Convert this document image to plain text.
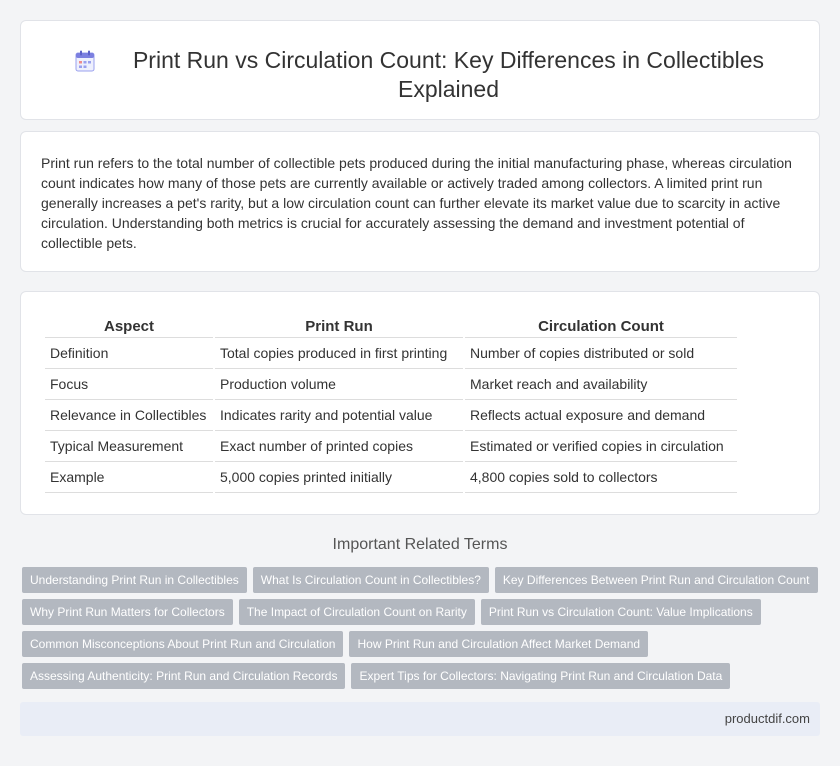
Print Run vs Circulation Count: Key Differences in Collectibles Explained

Print run refers to the total number of collectible pets produced during the initial manufacturing phase, whereas circulation count indicates how many of those pets are currently available or actively traded among collectors. A limited print run generally increases a pet's rarity, but a low circulation count can further elevate its market value due to scarcity in active circulation. Understanding both metrics is crucial for accurately assessing the demand and investment potential of collectible pets.

Aspect	Print Run	Circulation Count
Definition	Total copies produced in first printing	Number of copies distributed or sold
Focus	Production volume	Market reach and availability
Relevance in Collectibles	Indicates rarity and potential value	Reflects actual exposure and demand
Typical Measurement	Exact number of printed copies	Estimated or verified copies in circulation
Example	5,000 copies printed initially	4,800 copies sold to collectors
Important Related Terms
Understanding Print Run in Collectibles	What Is Circulation Count in Collectibles?	Key Differences Between Print Run and Circulation Count
Why Print Run Matters for Collectors	The Impact of Circulation Count on Rarity	Print Run vs Circulation Count: Value Implications
Common Misconceptions About Print Run and Circulation	How Print Run and Circulation Affect Market Demand
Assessing Authenticity: Print Run and Circulation Records	Expert Tips for Collectors: Navigating Print Run and Circulation Data
productdif.com
